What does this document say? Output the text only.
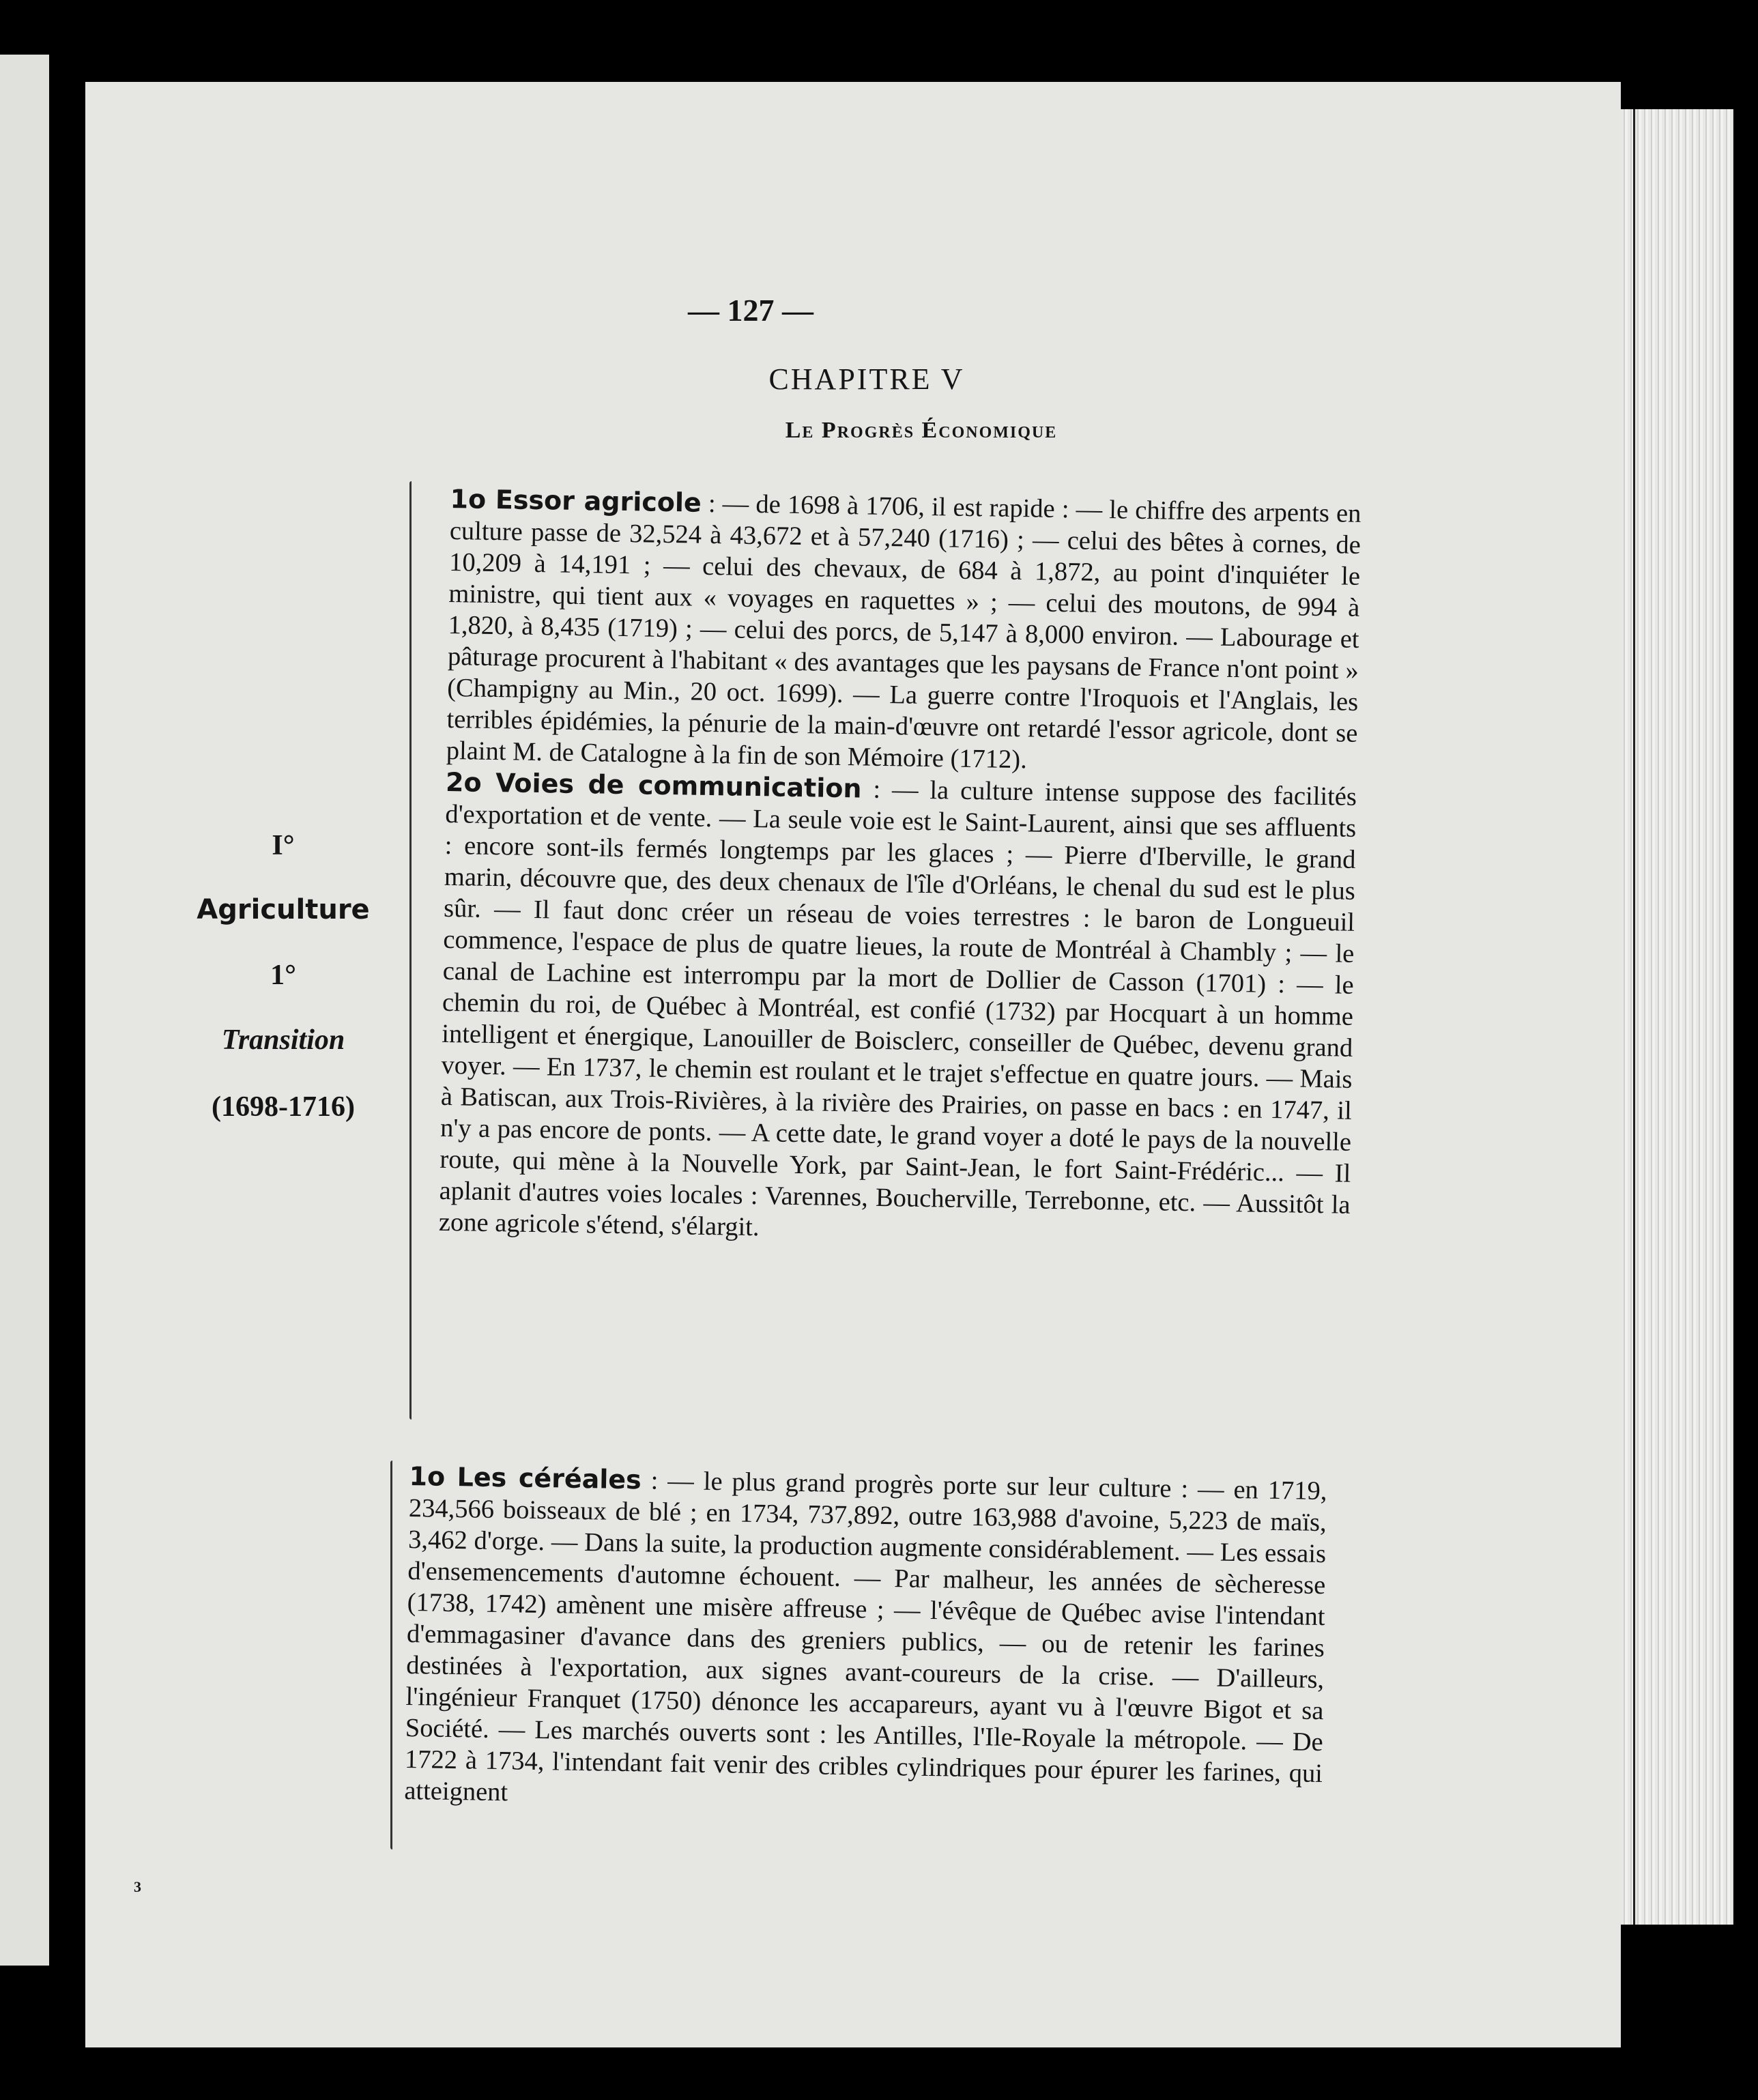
— 127 —
CHAPITRE V
Le Progrès Économique
I°
Agriculture
1°
Transition
(1698-1716)

1o Essor agricole : — de 1698 à 1706, il est rapide : — le chiffre des arpents en culture passe de 32,524 à 43,672 et à 57,240 (1716) ; — celui des bêtes à cornes, de 10,209 à 14,191 ; — celui des chevaux, de 684 à 1,872, au point d'inquiéter le ministre, qui tient aux « voyages en raquettes » ; — celui des moutons, de 994 à 1,820, à 8,435 (1719) ; — celui des porcs, de 5,147 à 8,000 environ. — Labourage et pâturage procurent à l'habitant « des avantages que les paysans de France n'ont point » (Champigny au Min., 20 oct. 1699). — La guerre contre l'Iroquois et l'Anglais, les terribles épidémies, la pénurie de la main-d'œuvre ont retardé l'essor agricole, dont se plaint M. de Catalogne à la fin de son Mémoire (1712).

2o Voies de communication : — la culture intense suppose des facilités d'exportation et de vente. — La seule voie est le Saint-Laurent, ainsi que ses affluents : encore sont-ils fermés longtemps par les glaces ; — Pierre d'Iberville, le grand marin, découvre que, des deux chenaux de l'île d'Orléans, le chenal du sud est le plus sûr. — Il faut donc créer un réseau de voies terrestres : le baron de Longueuil commence, l'espace de plus de quatre lieues, la route de Montréal à Chambly ; — le canal de Lachine est interrompu par la mort de Dollier de Casson (1701) : — le chemin du roi, de Québec à Montréal, est confié (1732) par Hocquart à un homme intelligent et énergique, Lanouiller de Boisclerc, conseiller de Québec, devenu grand voyer. — En 1737, le chemin est roulant et le trajet s'effectue en quatre jours. — Mais à Batiscan, aux Trois-Rivières, à la rivière des Prairies, on passe en bacs : en 1747, il n'y a pas encore de ponts. — A cette date, le grand voyer a doté le pays de la nouvelle route, qui mène à la Nouvelle York, par Saint-Jean, le fort Saint-Frédéric... — Il aplanit d'autres voies locales : Varennes, Boucherville, Terrebonne, etc. — Aussitôt la zone agricole s'étend, s'élargit.

1o Les céréales : — le plus grand progrès porte sur leur culture : — en 1719, 234,566 boisseaux de blé ; en 1734, 737,892, outre 163,988 d'avoine, 5,223 de maïs, 3,462 d'orge. — Dans la suite, la production augmente considérablement. — Les essais d'ensemencements d'automne échouent. — Par malheur, les années de sècheresse (1738, 1742) amènent une misère affreuse ; — l'évêque de Québec avise l'intendant d'emmagasiner d'avance dans des greniers publics, — ou de retenir les farines destinées à l'exportation, aux signes avant-coureurs de la crise. — D'ailleurs, l'ingénieur Franquet (1750) dénonce les accapareurs, ayant vu à l'œuvre Bigot et sa Société. — Les marchés ouverts sont : les Antilles, l'Ile-Royale la métropole. — De 1722 à 1734, l'intendant fait venir des cribles cylindriques pour épurer les farines, qui atteignent

3
